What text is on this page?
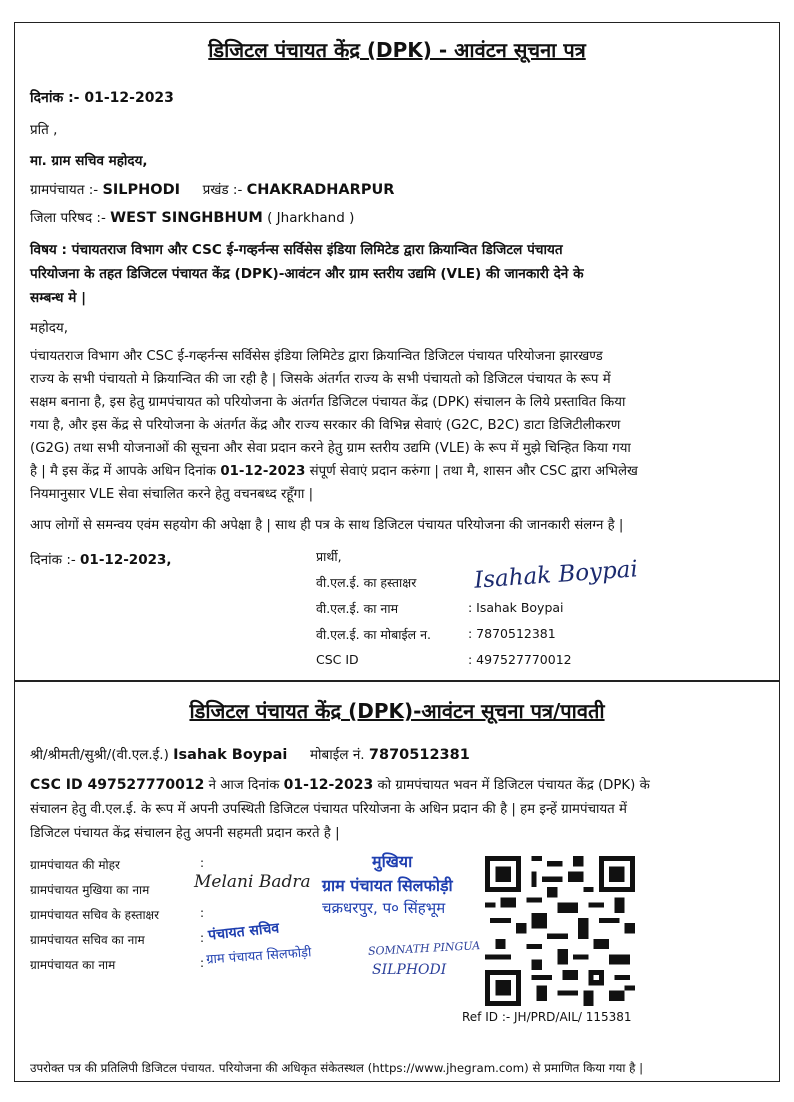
डिजिटल पंचायत केंद्र (DPK) - आवंटन सूचना पत्र
दिनांक :- 01-12-2023
प्रति ,
मा. ग्राम सचिव महोदय,
ग्रामपंचायत :- SILPHODI प्रखंड :- CHAKRADHARPUR
जिला परिषद :- WEST SINGHBHUM ( Jharkhand )
विषय : पंचायतराज विभाग और CSC ई-गव्हर्नन्स सर्विसेस इंडिया लिमिटेड द्वारा क्रियान्वित डिजिटल पंचायत
परियोजना के तहत डिजिटल पंचायत केंद्र (DPK)-आवंटन और ग्राम स्तरीय उद्यमि (VLE) की जानकारी देने के
सम्बन्ध मे |
महोदय,
पंचायतराज विभाग और CSC ई-गव्हर्नन्स सर्विसेस इंडिया लिमिटेड द्वारा क्रियान्वित डिजिटल पंचायत परियोजना झारखण्ड
राज्य के सभी पंचायतो मे क्रियान्वित की जा रही है | जिसके अंतर्गत राज्य के सभी पंचायतो को डिजिटल पंचायत के रूप में
सक्षम बनाना है, इस हेतु ग्रामपंचायत को परियोजना के अंतर्गत डिजिटल पंचायत केंद्र (DPK) संचालन के लिये प्रस्तावित किया
गया है, और इस केंद्र से परियोजना के अंतर्गत केंद्र और राज्य सरकार की विभिन्न सेवाएं (G2C, B2C) डाटा डिजिटीलीकरण
(G2G) तथा सभी योजनाओं की सूचना और सेवा प्रदान करने हेतु ग्राम स्तरीय उद्यमि (VLE) के रूप में मुझे चिन्हित किया गया
है | मै इस केंद्र में आपके अधिन दिनांक 01-12-2023 संपूर्ण सेवाएं प्रदान करुंगा | तथा मै, शासन और CSC द्वारा अभिलेख
नियमानुसार VLE सेवा संचालित करने हेतु वचनबध्द रहूँगा |
आप लोगों से समन्वय एवंम सहयोग की अपेक्षा है | साथ ही पत्र के साथ डिजिटल पंचायत परियोजना की जानकारी संलग्न है |
दिनांक :- 01-12-2023,	प्रार्थी,
वी.एल.ई. का हस्ताक्षर
वी.एल.ई. का नाम
वी.एल.ई. का मोबाईल न.
CSC ID
: Isahak Boypai
: 7870512381
: 497527770012
Isahak Boypai
डिजिटल पंचायत केंद्र (DPK)-आवंटन सूचना पत्र/पावती
श्री/श्रीमती/सुश्री/(वी.एल.ई.) Isahak Boypai मोबाईल नं. 7870512381
CSC ID 497527770012 ने आज दिनांक 01-12-2023 को ग्रामपंचायत भवन में डिजिटल पंचायत केंद्र (DPK) के
संचालन हेतु वी.एल.ई. के रूप में अपनी उपस्थिती डिजिटल पंचायत परियोजना के अधिन प्रदान की है | हम इन्हें ग्रामपंचायत में
डिजिटल पंचायत केंद्र संचालन हेतु अपनी सहमती प्रदान करते है |
ग्रामपंचायत की मोहर
ग्रामपंचायत मुखिया का नाम
ग्रामपंचायत सचिव के हस्ताक्षर
ग्रामपंचायत सचिव का नाम
ग्रामपंचायत का नाम
:
:
:
:
Melani Badra
मुखिया
ग्राम पंचायत सिलफोड़ी
चक्रधरपुर, प० सिंहभूम
पंचायत सचिव
ग्राम पंचायत सिलफोड़ी	SOMNATH PINGUA
SILPHODI
Ref ID :- JH/PRD/AIL/ 115381
उपरोक्त पत्र की प्रतिलिपी डिजिटल पंचायत. परियोजना की अधिकृत संकेतस्थल (https://www.jhegram.com) से प्रमाणित किया गया है |
